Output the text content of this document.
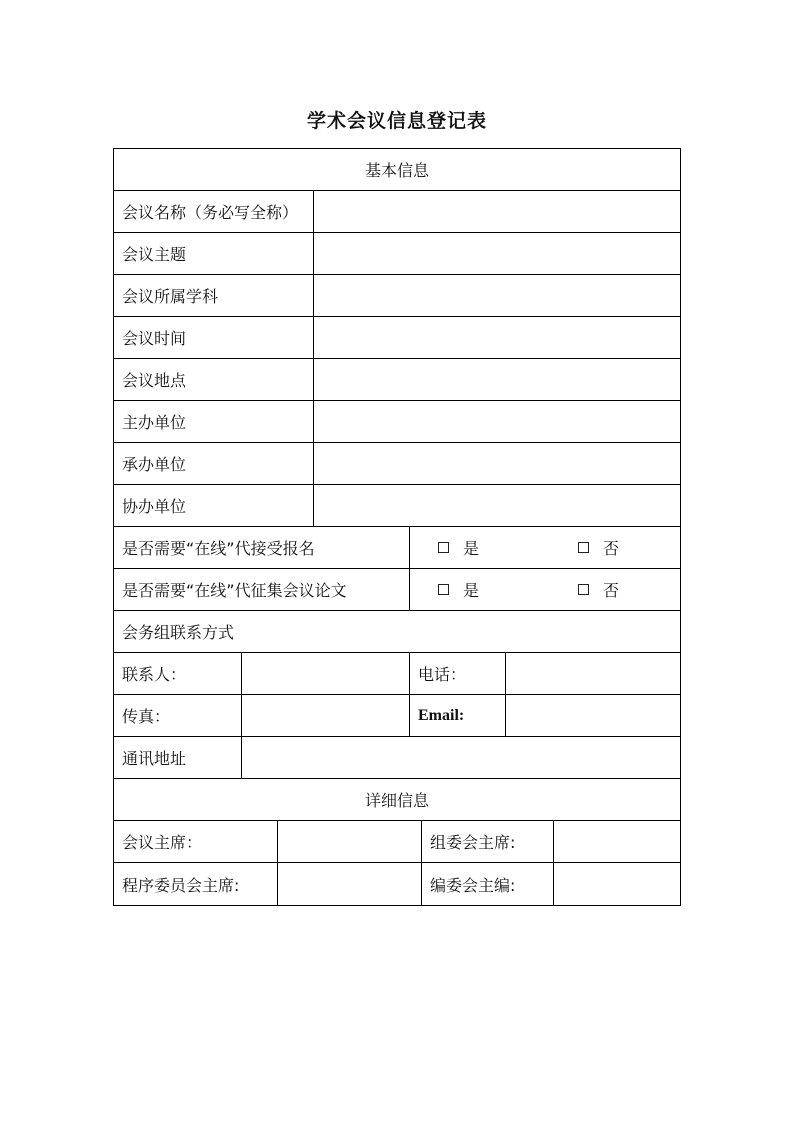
学术会议信息登记表
基本信息
会议名称（务必写全称）
会议主题
会议所属学科
会议时间
会议地点
主办单位
承办单位
协办单位
是否需要“在线”代接受报名	是	否
是否需要“在线”代征集会议论文	是	否
会务组联系方式
联系人：	电话：
传真：	Email:
通讯地址
详细信息
会议主席：	组委会主席:
程序委员会主席:	编委会主编:
